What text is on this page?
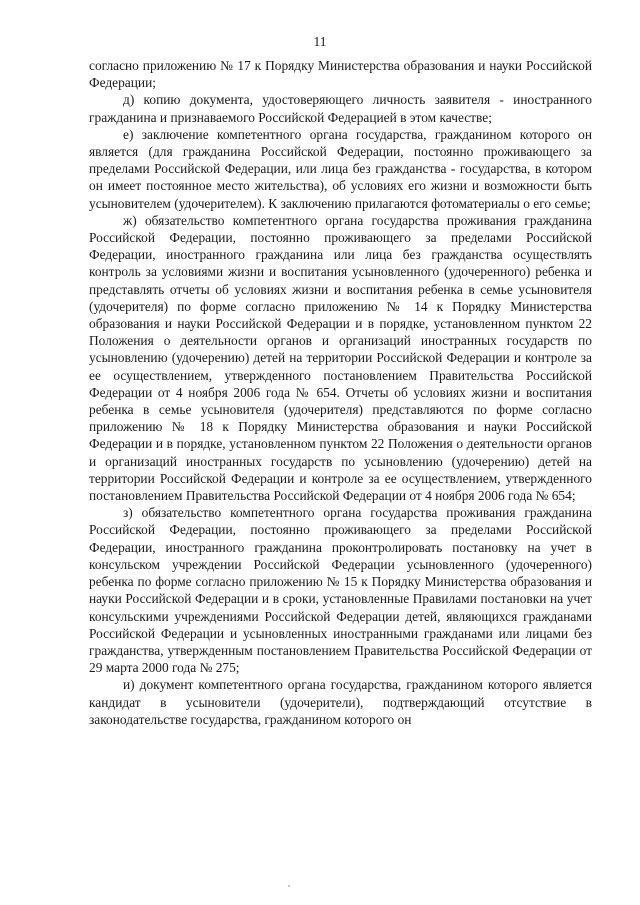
11

согласно приложению № 17 к Порядку Министерства образования и науки Российской Федерации;

д) копию документа, удостоверяющего личность заявителя - иностранного гражданина и признаваемого Российской Федерацией в этом качестве;

е) заключение компетентного органа государства, гражданином которого он является (для гражданина Российской Федерации, постоянно проживающего за пределами Российской Федерации, или лица без гражданства - государства, в котором он имеет постоянное место жительства), об условиях его жизни и возможности быть усыновителем (удочерителем). К заключению прилагаются фотоматериалы о его семье;

ж) обязательство компетентного органа государства проживания гражданина Российской Федерации, постоянно проживающего за пределами Российской Федерации, иностранного гражданина или лица без гражданства осуществлять контроль за условиями жизни и воспитания усыновленного (удочеренного) ребенка и представлять отчеты об условиях жизни и воспитания ребенка в семье усыновителя (удочерителя) по форме согласно приложению № 14 к Порядку Министерства образования и науки Российской Федерации и в порядке, установленном пунктом 22 Положения о деятельности органов и организаций иностранных государств по усыновлению (удочерению) детей на территории Российской Федерации и контроле за ее осуществлением, утвержденного постановлением Правительства Российской Федерации от 4 ноября 2006 года № 654. Отчеты об условиях жизни и воспитания ребенка в семье усыновителя (удочерителя) представляются по форме согласно приложению № 18 к Порядку Министерства образования и науки Российской Федерации и в порядке, установленном пунктом 22 Положения о деятельности органов и организаций иностранных государств по усыновлению (удочерению) детей на территории Российской Федерации и контроле за ее осуществлением, утвержденного постановлением Правительства Российской Федерации от 4 ноября 2006 года № 654;

з) обязательство компетентного органа государства проживания гражданина Российской Федерации, постоянно проживающего за пределами Российской Федерации, иностранного гражданина проконтролировать постановку на учет в консульском учреждении Российской Федерации усыновленного (удочеренного) ребенка по форме согласно приложению № 15 к Порядку Министерства образования и науки Российской Федерации и в сроки, установленные Правилами постановки на учет консульскими учреждениями Российской Федерации детей, являющихся гражданами Российской Федерации и усыновленных иностранными гражданами или лицами без гражданства, утвержденным постановлением Правительства Российской Федерации от 29 марта 2000 года № 275;

и) документ компетентного органа государства, гражданином которого является кандидат в усыновители (удочерители), подтверждающий отсутствие в законодательстве государства, гражданином которого он
